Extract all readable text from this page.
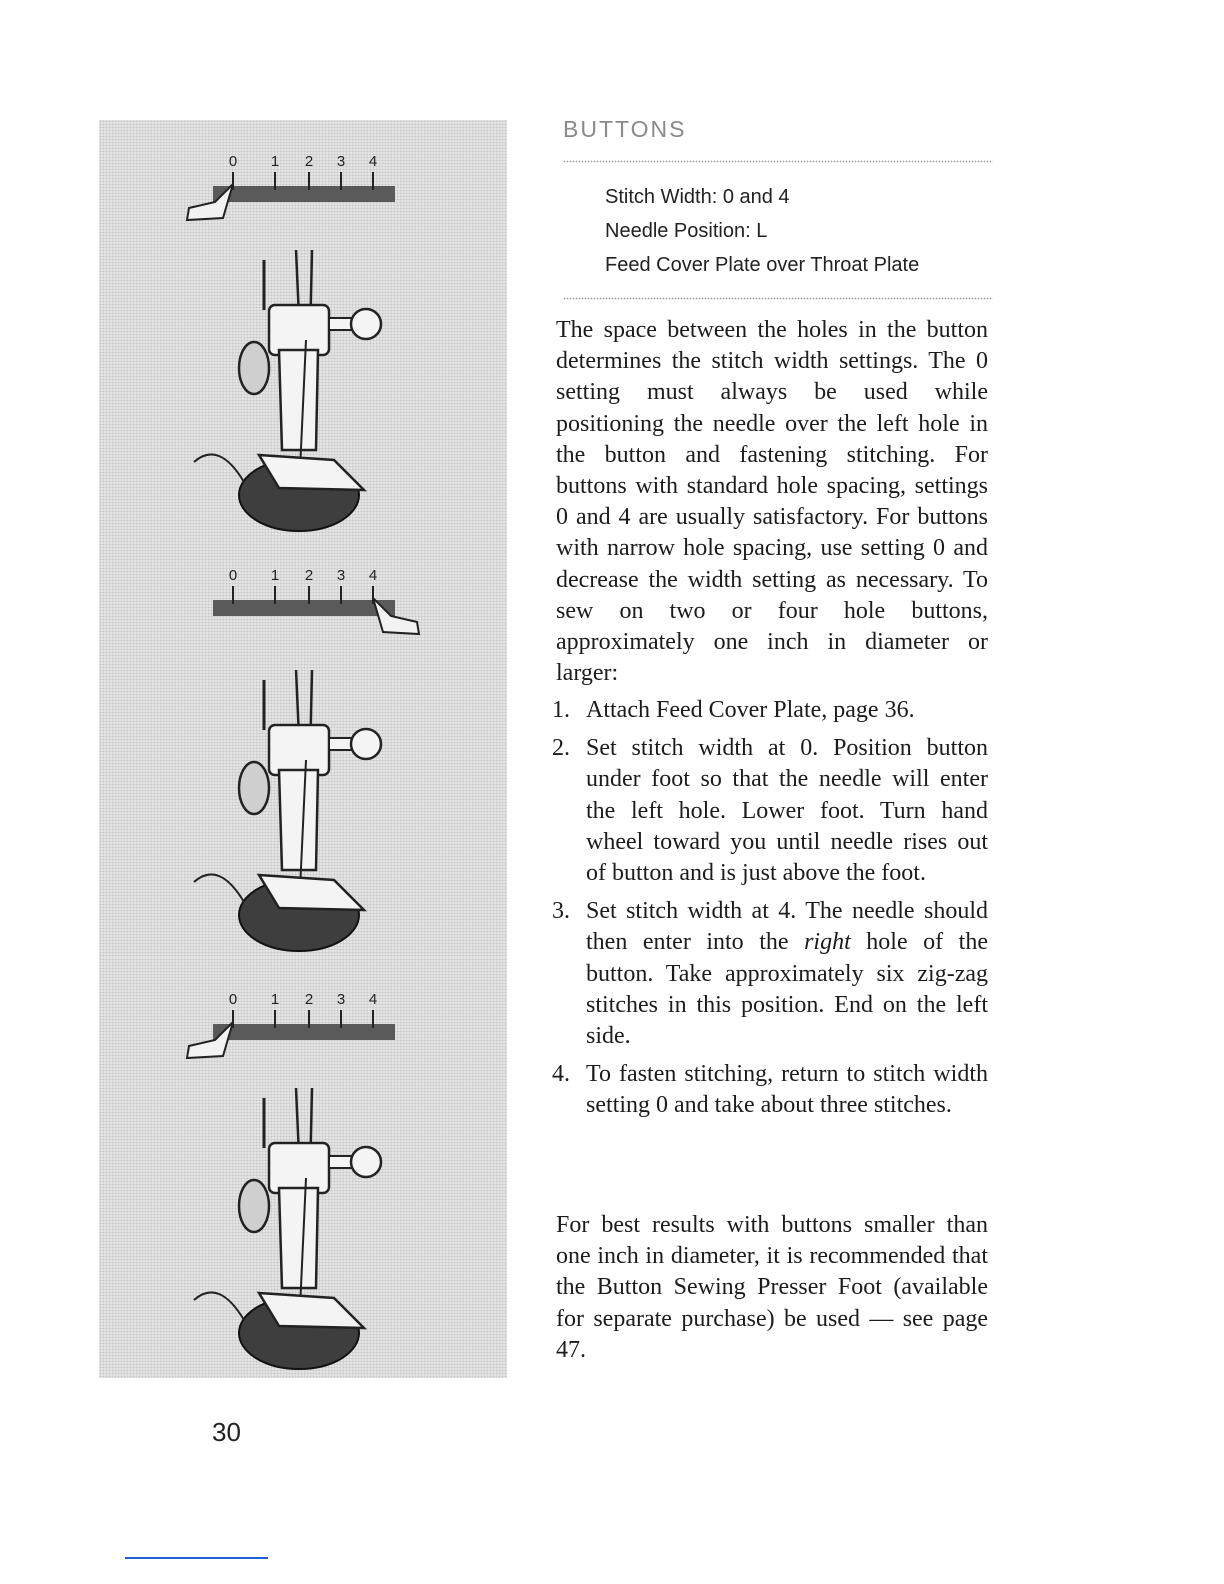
0 1 2 3 4
0 1 2 3 4
0 1 2 3 4
BUTTONS
Stitch Width: 0 and 4
Needle Position: L
Feed Cover Plate over Throat Plate

The space between the holes in the button determines the stitch width settings. The 0 setting must always be used while positioning the needle over the left hole in the button and fastening stitching. For buttons with standard hole spacing, settings 0 and 4 are usually satisfactory. For buttons with narrow hole spacing, use setting 0 and decrease the width setting as necessary. To sew on two or four hole buttons, approximately one inch in diameter or larger:

1. Attach Feed Cover Plate, page 36.
2. Set stitch width at 0. Position button under foot so that the needle will enter the left hole. Lower foot. Turn hand wheel toward you until needle rises out of button and is just above the foot.
3. Set stitch width at 4. The needle should then enter into the right hole of the button. Take approximately six zig-zag stitches in this position. End on the left side.
4. To fasten stitching, return to stitch width setting 0 and take about three stitches.

For best results with buttons smaller than one inch in diameter, it is recommended that the Button Sewing Presser Foot (available for separate purchase) be used — see page 47.

30
